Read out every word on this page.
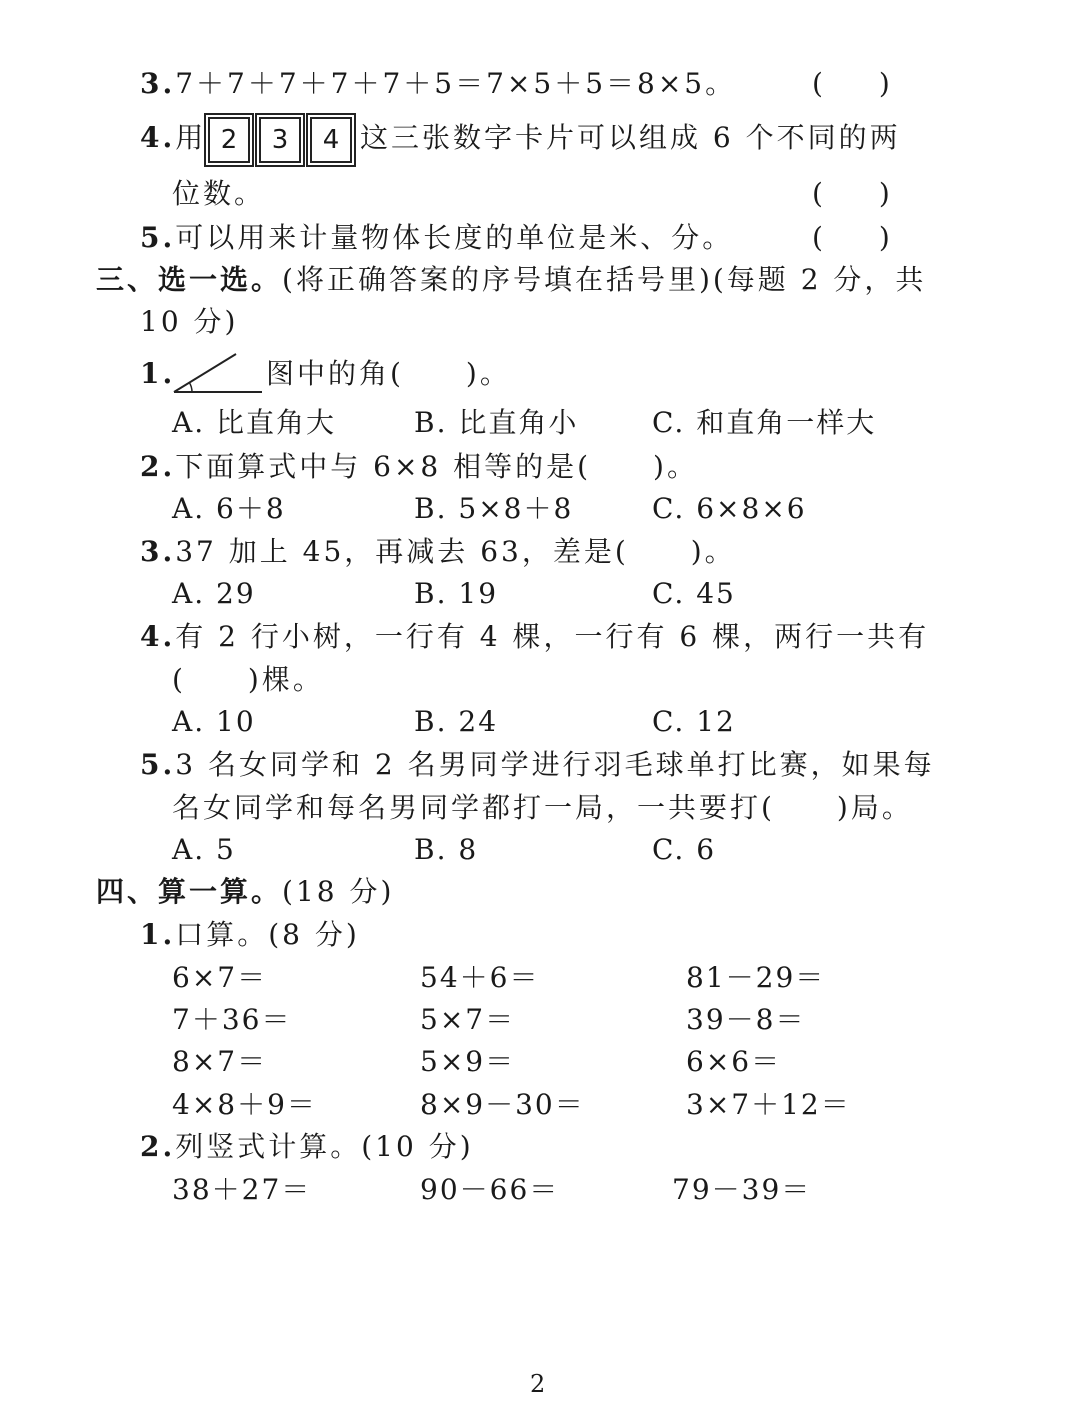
3.7＋7＋7＋7＋7＋5＝7×5＋5＝8×5。	(　　)
4.用 2	3	4 这三张数字卡片可以组成 6 个不同的两
位数。	(　　)
5.可以用来计量物体长度的单位是米、分。	(　　)
三、选一选。(将正确答案的序号填在括号里)(每题 2 分，共
10 分)
1.	图中的角(　　)。
A. 比直角大	B. 比直角小	C. 和直角一样大
2.下面算式中与 6×8 相等的是(　　)。
A. 6＋8	B. 5×8＋8	C. 6×8×6
3.37 加上 45，再减去 63，差是(　　)。
A. 29	B. 19	C. 45
4.有 2 行小树，一行有 4 棵，一行有 6 棵，两行一共有
(　　)棵。
A. 10	B. 24	C. 12
5.3 名女同学和 2 名男同学进行羽毛球单打比赛，如果每
名女同学和每名男同学都打一局，一共要打(　　)局。
A. 5	B. 8	C. 6
四、算一算。(18 分)
1.口算。(8 分)
6×7＝	54＋6＝	81－29＝
7＋36＝	5×7＝	39－8＝
8×7＝	5×9＝	6×6＝
4×8＋9＝	8×9－30＝	3×7＋12＝
2.列竖式计算。(10 分)
38＋27＝	90－66＝	79－39＝
2
